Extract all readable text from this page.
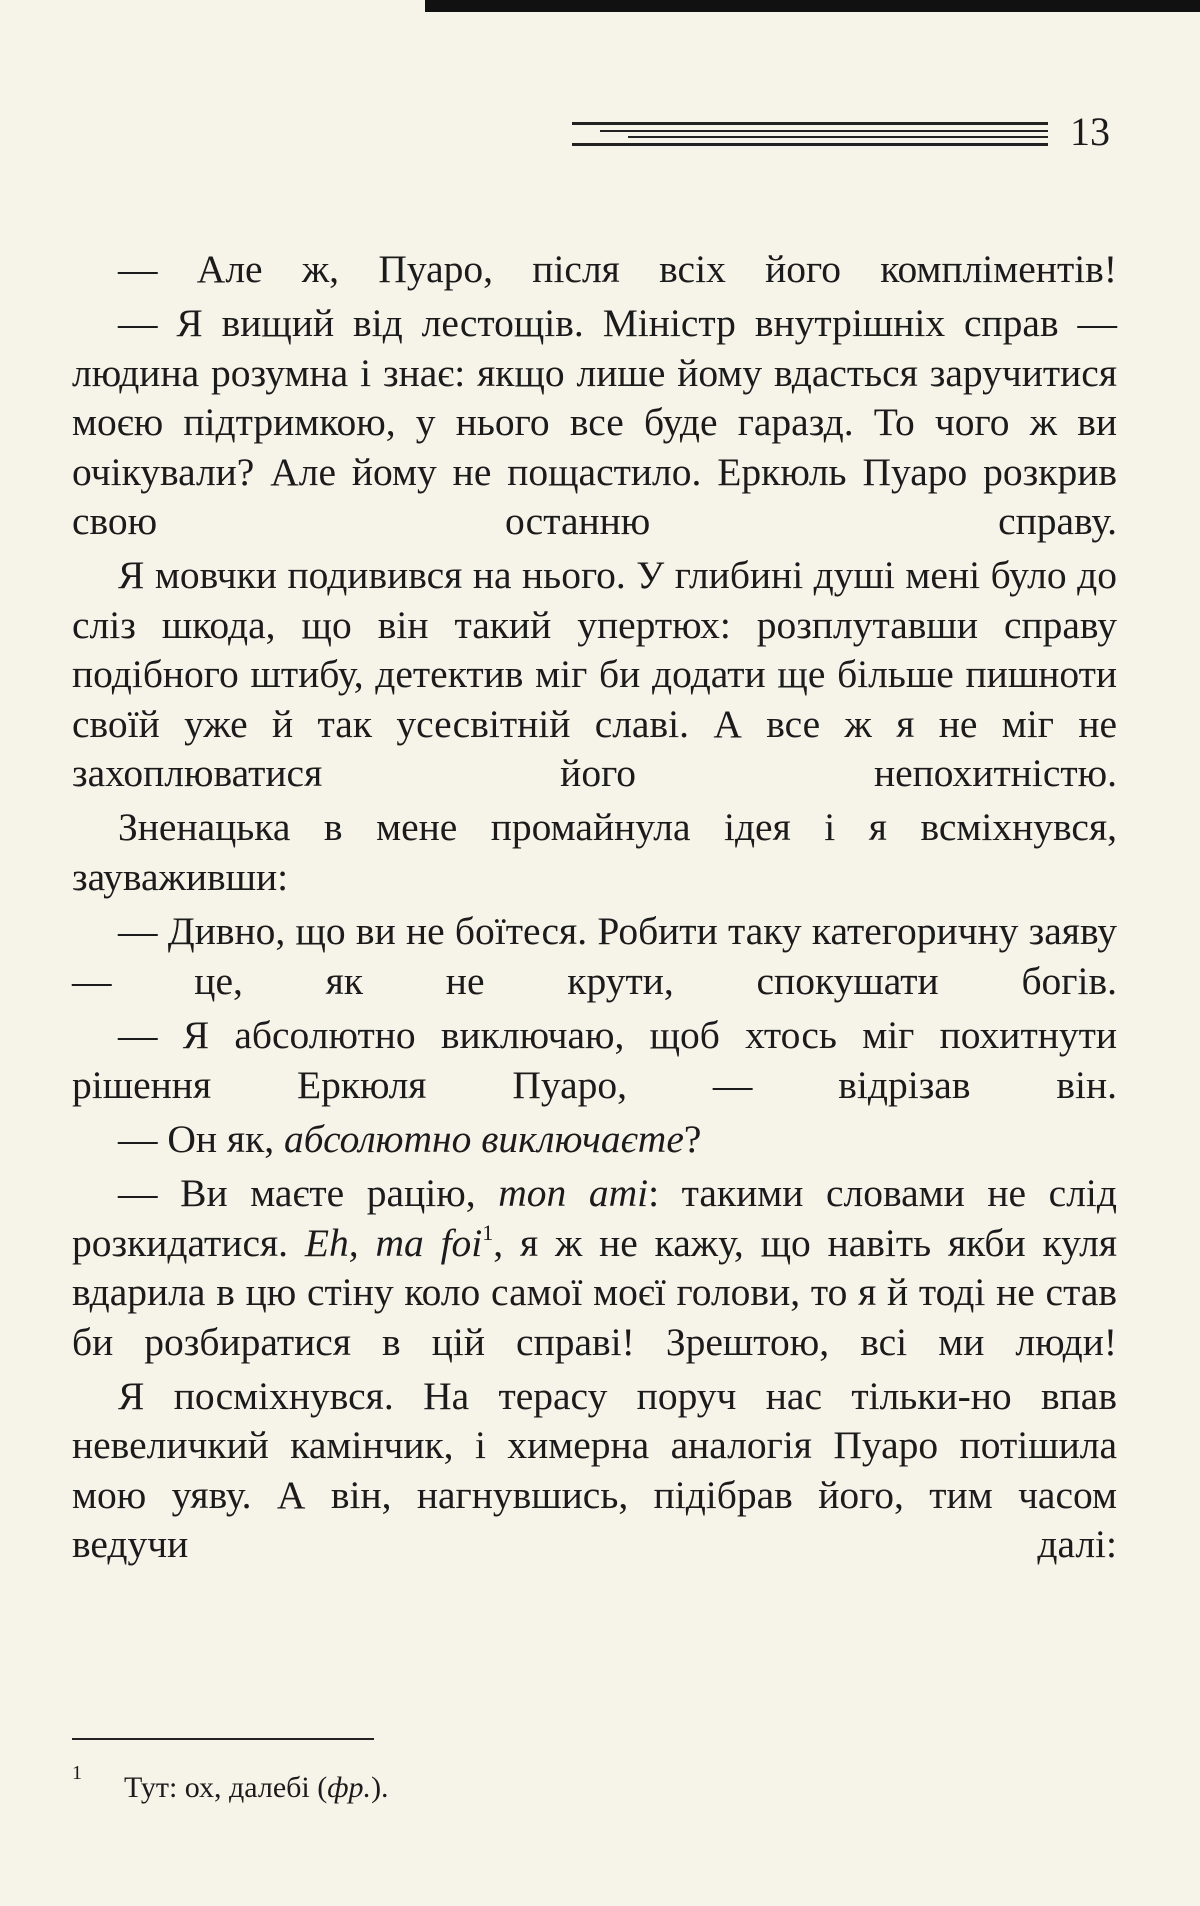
13

— Але ж, Пуаро, після всіх його компліментів!

— Я вищий від лестощів. Міністр внутрішніх справ — людина розумна і знає: якщо лише йому вдасться заручитися моєю підтримкою, у нього все буде гаразд. То чого ж ви очікували? Але йому не пощастило. Еркюль Пуаро розкрив свою останню справу.

Я мовчки подивився на нього. У глибині душі мені було до сліз шкода, що він такий упертюх: розплутавши справу подібного штибу, детектив міг би додати ще більше пишноти своїй уже й так усесвітній славі. А все ж я не міг не захоплюватися його непохитністю.

Зненацька в мене промайнула ідея і я всміхнувся, зауваживши:

— Дивно, що ви не боїтеся. Робити таку категоричну заяву — це, як не крути, спокушати богів.

— Я абсолютно виключаю, щоб хтось міг похитнути рішення Еркюля Пуаро, — відрізав він.

— Он як, абсолютно виключаєте?

— Ви маєте рацію, mon ami: такими словами не слід розкидатися. Eh, ma foi$^1$, я ж не кажу, що навіть якби куля вдарила в цю стіну коло самої моєї голови, то я й тоді не став би розбиратися в цій справі! Зрештою, всі ми люди!

Я посміхнувся. На терасу поруч нас тільки-но впав невеличкий камінчик, і химерна аналогія Пуаро потішила мою уяву. А він, нагнувшись, підібрав його, тим часом ведучи далі:

1 Тут: ох, далебі (фр.).
